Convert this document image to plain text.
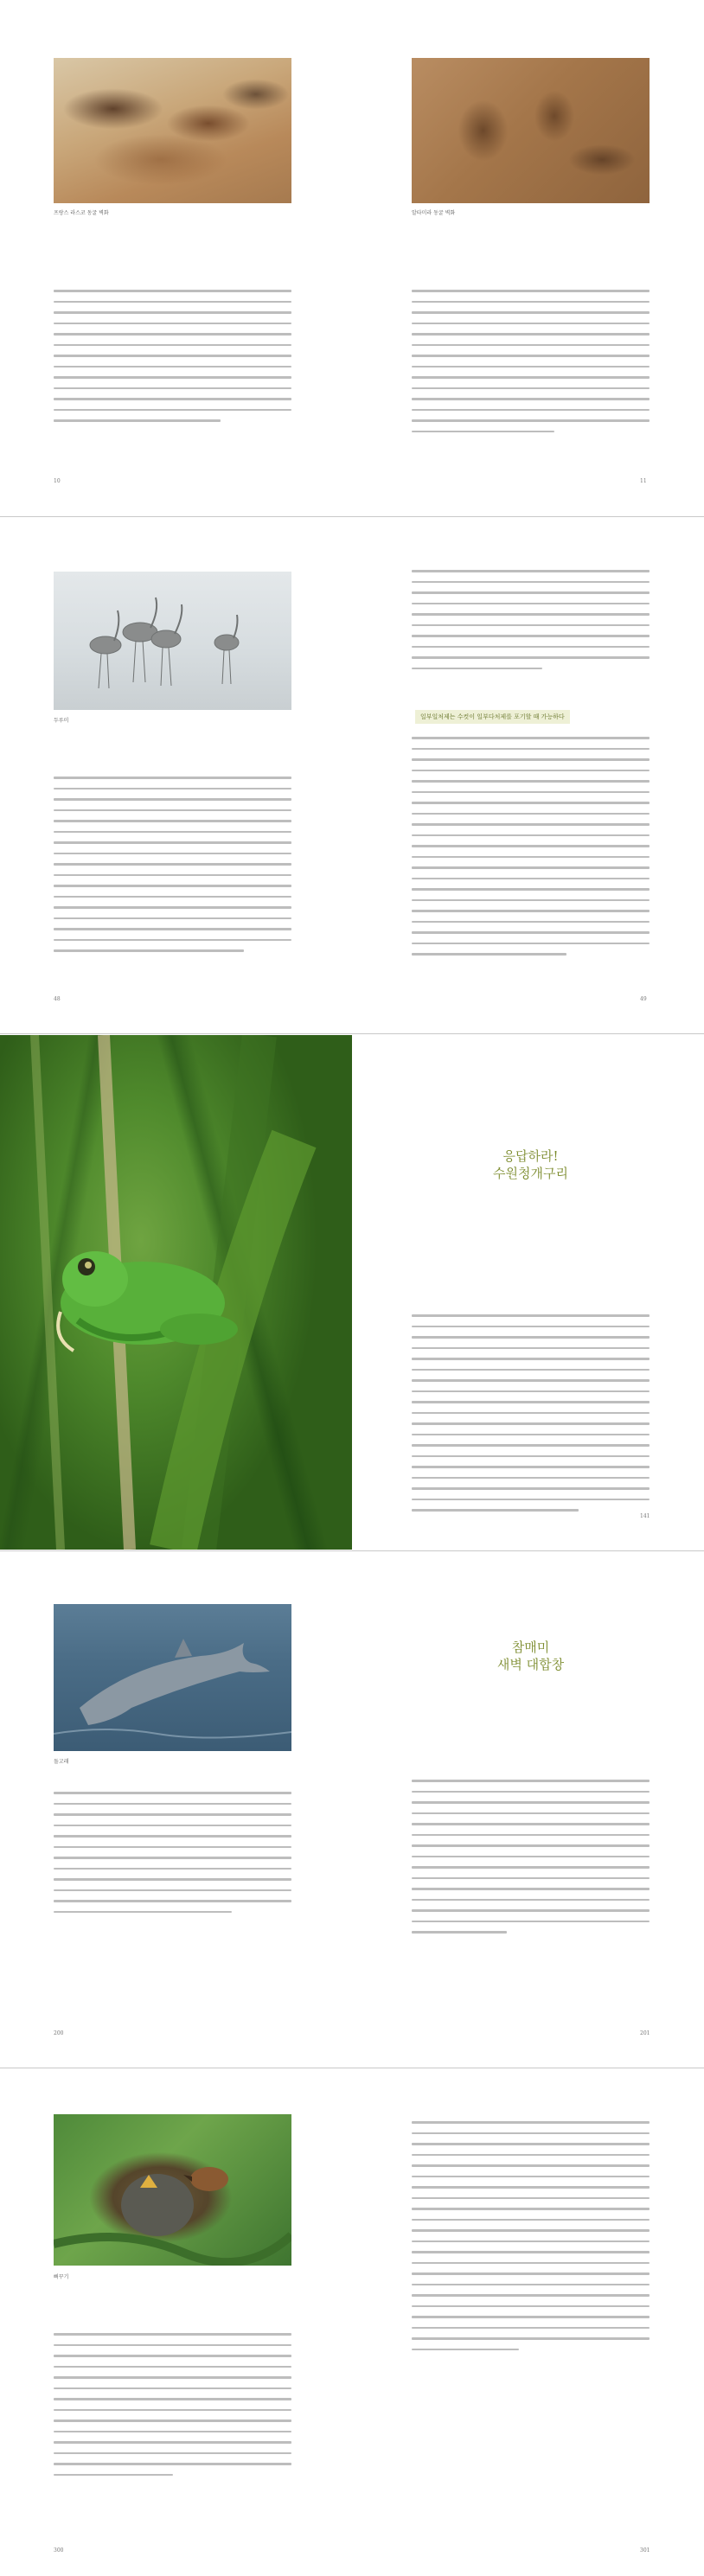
프랑스 라스코 동굴 벽화
10
알타미라 동굴 벽화
11
두루미
48
일부일처제는 수컷이 일부다처제를 포기할 때 가능하다
49
응답하라!
수원청개구리
141
돌고래
200
참매미
새벽 대합창
201
뻐꾸기
300	301
